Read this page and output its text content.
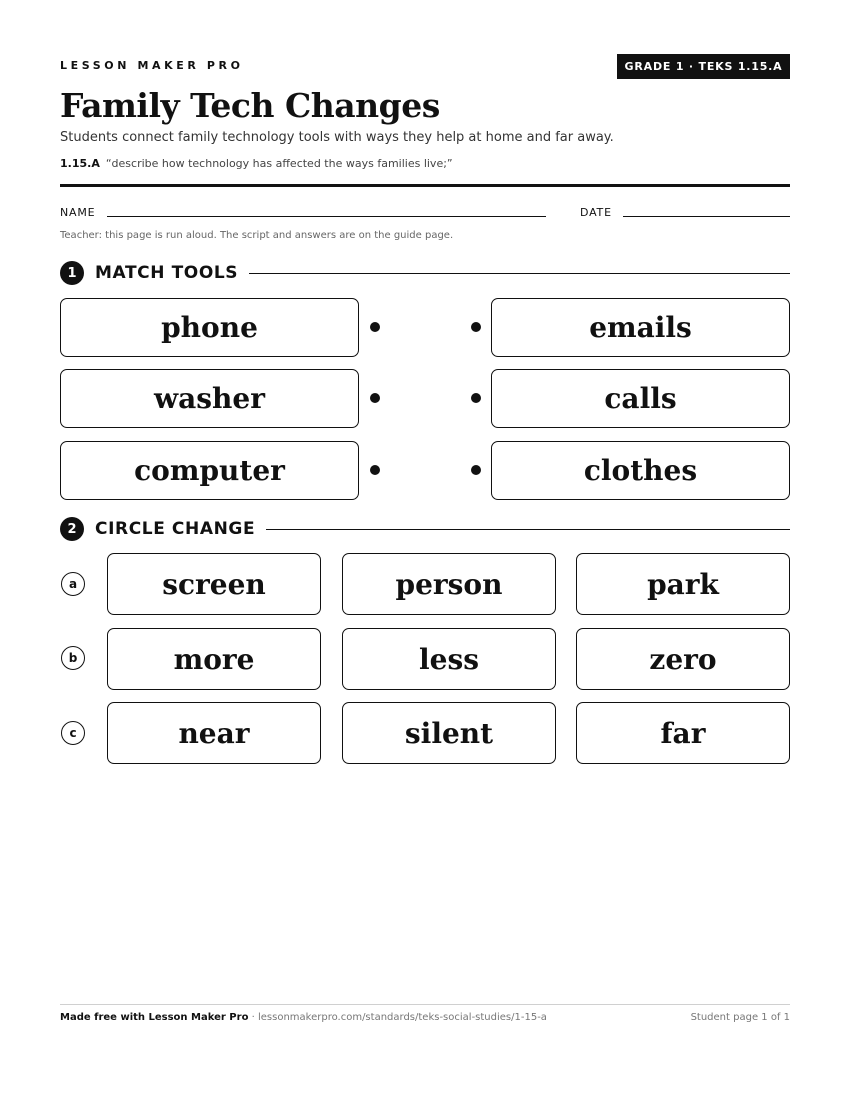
LESSON MAKER PRO	GRADE 1 · TEKS 1.15.A
Family Tech Changes
Students connect family technology tools with ways they help at home and far away.
1.15.A “describe how technology has affected the ways families live;”
NAME	DATE
Teacher: this page is run aloud. The script and answers are on the guide page.
1	MATCH TOOLS
phone
washer
computer
emails
calls
clothes
2	CIRCLE CHANGE
a	screen	person	park
b	more	less	zero
c	near	silent	far
Made free with Lesson Maker Pro · lessonmakerpro.com/standards/teks-social-studies/1-15-a	Student page 1 of 1
